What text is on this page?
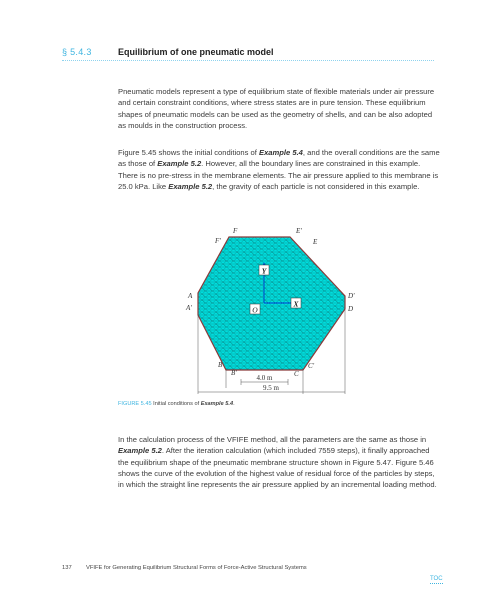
§ 5.4.3	Equilibrium of one pneumatic model

Pneumatic models represent a type of equilibrium state of flexible materials under air pressure and certain constraint conditions, where stress states are in pure tension. These equilibrium shapes of pneumatic models can be used as the geometry of shells, and can be also adopted as moulds in the construction process.

Figure 5.45 shows the initial conditions of Example 5.4, and the overall conditions are the same as those of Example 5.2. However, all the boundary lines are constrained in this example. There is no pre-stress in the membrane elements. The air pressure applied to this membrane is 25.0 kPa. Like Example 5.2, the gravity of each particle is not considered in this example.

Y
X
O
F
F'
E'
E
A
A'
D'
D
B
B'	C
C'
4.0 m
9.5 m
FIGURE 5.45 Initial conditions of Example 5.4.

In the calculation process of the VFIFE method, all the parameters are the same as those in Example 5.2. After the iteration calculation (which included 7559 steps), it finally approached the equilibrium shape of the pneumatic membrane structure shown in Figure 5.47. Figure 5.46 shows the curve of the evolution of the highest value of residual force of the particles by steps, in which the straight line represents the air pressure applied by an incremental loading method.

137 VFIFE for Generating Equilibrium Structural Forms of Force-Active Structural Systems
TOC
